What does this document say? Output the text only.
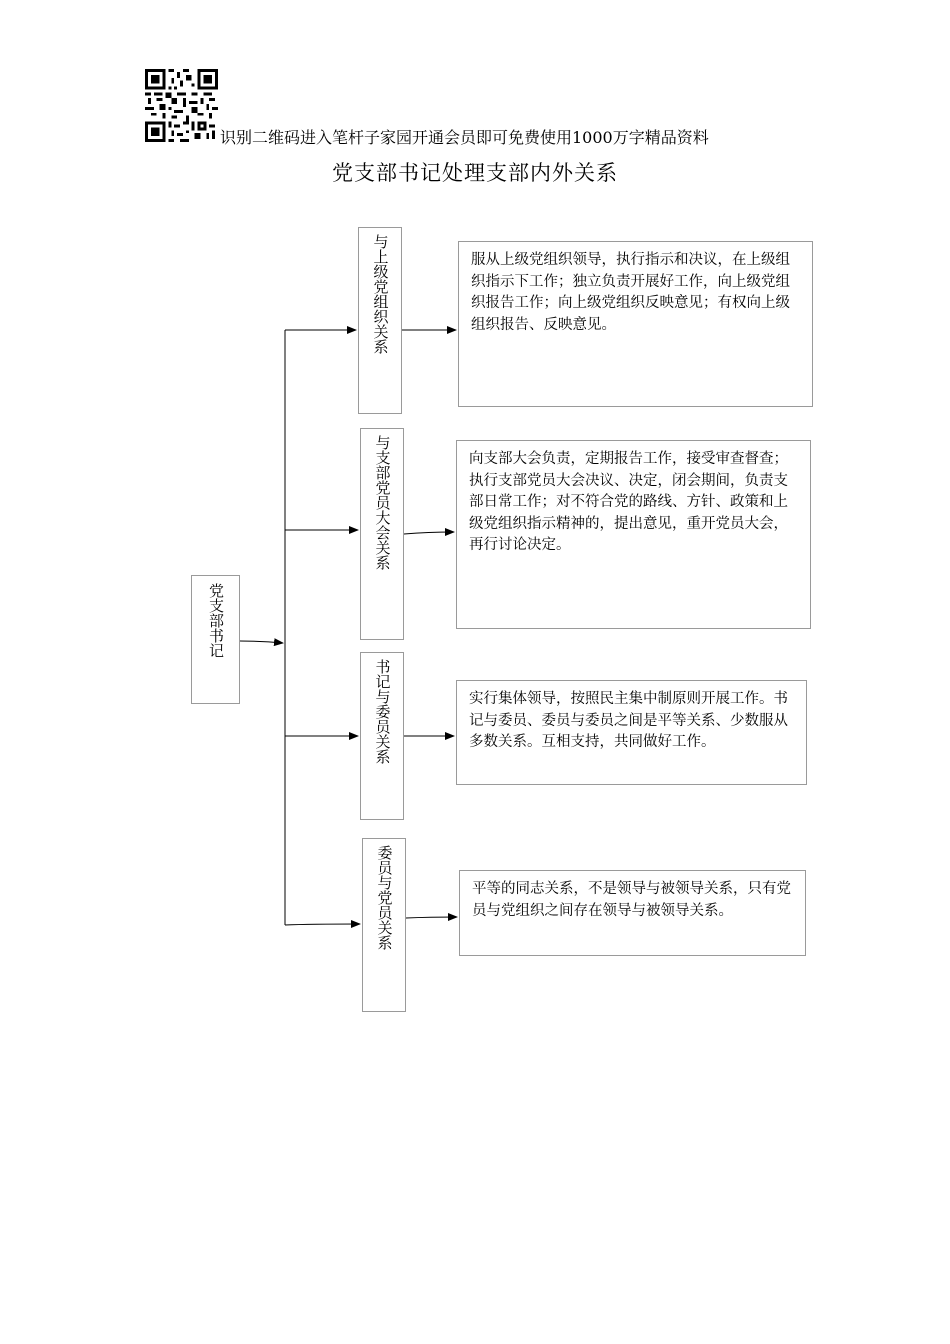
识别二维码进入笔杆子家园开通会员即可免费使用1000万字精品资料
党支部书记处理支部内外关系
党支部书记
与上级党组织关系
与支部党员大会关系
书记与委员关系
委员与党员关系
服从上级党组织领导，执行指示和决议，在上级组织指示下工作；独立负责开展好工作，向上级党组织报告工作；向上级党组织反映意见；有权向上级组织报告、反映意见。
向支部大会负责，定期报告工作，接受审查督查；执行支部党员大会决议、决定，闭会期间，负责支部日常工作；对不符合党的路线、方针、政策和上级党组织指示精神的，提出意见，重开党员大会，再行讨论决定。
实行集体领导，按照民主集中制原则开展工作。书记与委员、委员与委员之间是平等关系、少数服从多数关系。互相支持，共同做好工作。
平等的同志关系，不是领导与被领导关系，只有党员与党组织之间存在领导与被领导关系。
